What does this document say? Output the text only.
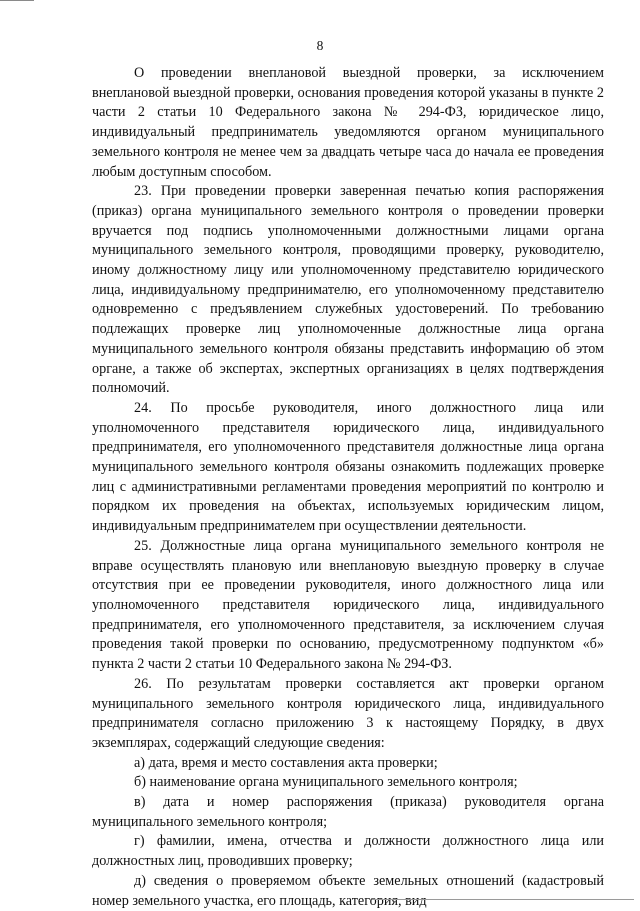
8

О проведении внеплановой выездной проверки, за исключением внеплановой выездной проверки, основания проведения которой указаны в пункте 2 части 2 статьи 10 Федерального закона № 294-ФЗ, юридическое лицо, индивидуальный предприниматель уведомляются органом муниципального земельного контроля не менее чем за двадцать четыре часа до начала ее проведения любым доступным способом.

23. При проведении проверки заверенная печатью копия распоряжения (приказ) органа муниципального земельного контроля о проведении проверки вручается под подпись уполномоченными должностными лицами органа муниципального земельного контроля, проводящими проверку, руководителю, иному должностному лицу или уполномоченному представителю юридического лица, индивидуальному предпринимателю, его уполномоченному представителю одновременно с предъявлением служебных удостоверений. По требованию подлежащих проверке лиц уполномоченные должностные лица органа муниципального земельного контроля обязаны представить информацию об этом органе, а также об экспертах, экспертных организациях в целях подтверждения полномочий.

24. По просьбе руководителя, иного должностного лица или уполномоченного представителя юридического лица, индивидуального предпринимателя, его уполномоченного представителя должностные лица органа муниципального земельного контроля обязаны ознакомить подлежащих проверке лиц с административными регламентами проведения мероприятий по контролю и порядком их проведения на объектах, используемых юридическим лицом, индивидуальным предпринимателем при осуществлении деятельности.

25. Должностные лица органа муниципального земельного контроля не вправе осуществлять плановую или внеплановую выездную проверку в случае отсутствия при ее проведении руководителя, иного должностного лица или уполномоченного представителя юридического лица, индивидуального предпринимателя, его уполномоченного представителя, за исключением случая проведения такой проверки по основанию, предусмотренному подпунктом «б» пункта 2 части 2 статьи 10 Федерального закона № 294-ФЗ.

26. По результатам проверки составляется акт проверки органом муниципального земельного контроля юридического лица, индивидуального предпринимателя согласно приложению 3 к настоящему Порядку, в двух экземплярах, содержащий следующие сведения:

а) дата, время и место составления акта проверки;

б) наименование органа муниципального земельного контроля;

в) дата и номер распоряжения (приказа) руководителя органа муниципального земельного контроля;

г) фамилии, имена, отчества и должности должностного лица или должностных лиц, проводивших проверку;

д) сведения о проверяемом объекте земельных отношений (кадастровый номер земельного участка, его площадь, категория, вид
